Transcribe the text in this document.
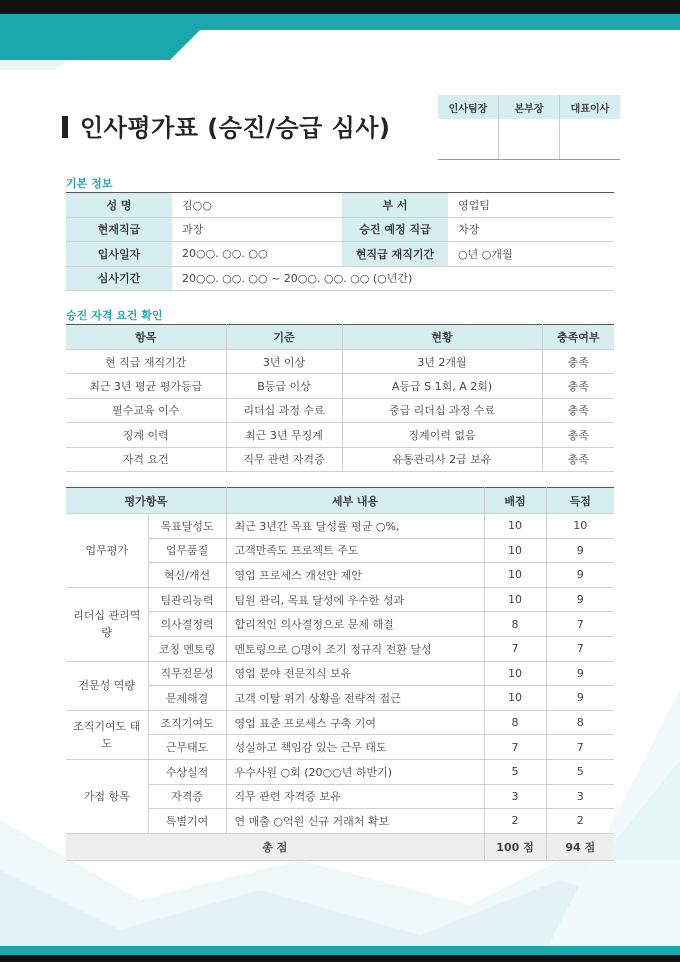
인사평가표 (승진/승급 심사)
인사팀장	본부장	대표이사

기본 정보
성 명	김○○	부 서	영업팀
현재직급	과장	승진 예정 직급	차장
입사일자	20○○. ○○. ○○	현직급 재직기간	○년 ○개월
심사기간	20○○. ○○. ○○ ~ 20○○. ○○. ○○ (○년간)		
승진 자격 요건 확인
항목	기준	현황	충족여부
현 직급 재직기간	3년 이상	3년 2개월	충족
최근 3년 평균 평가등급	B등급 이상	A등급 S 1회, A 2회)	충족
필수교육 이수	리더십 과정 수료	중급 리더십 과정 수료	충족
징계 이력	최근 3년 무징계	징계이력 없음	충족
자격 요건	직무 관련 자격증	유통관리사 2급 보유	충족
평가항목		세부 내용	배점	득점
업무평가	목표달성도	최근 3년간 목표 달성률 평균 ○%,	10	10
	업무품질	고객만족도 프로젝트 주도	10	9
	혁신/개선	영업 프로세스 개선안 제안	10	9
리더십 관리역량	팀관리능력	팀원 관리, 목표 달성에 우수한 성과	10	9
	의사결정력	합리적인 의사결정으로 문제 해결	8	7
	코칭 멘토링	멘토링으로 ○명이 조기 정규직 전환 달성	7	7
전문성 역량	직무전문성	영업 분야 전문지식 보유	10	9
	문제해결	고객 이탈 위기 상황을 전략적 접근	10	9
조직기여도 태도	조직기여도	영업 표준 프로세스 구축 기여	8	8
	근무태도	성실하고 책임감 있는 근무 태도	7	7
가점 항목	수상실적	우수사원 ○회 (20○○년 하반기)	5	5
	자격증	직무 관련 자격증 보유	3	3
	특별기여	연 매출 ○억원 신규 거래처 확보	2	2
총 점			100 점	94 점
